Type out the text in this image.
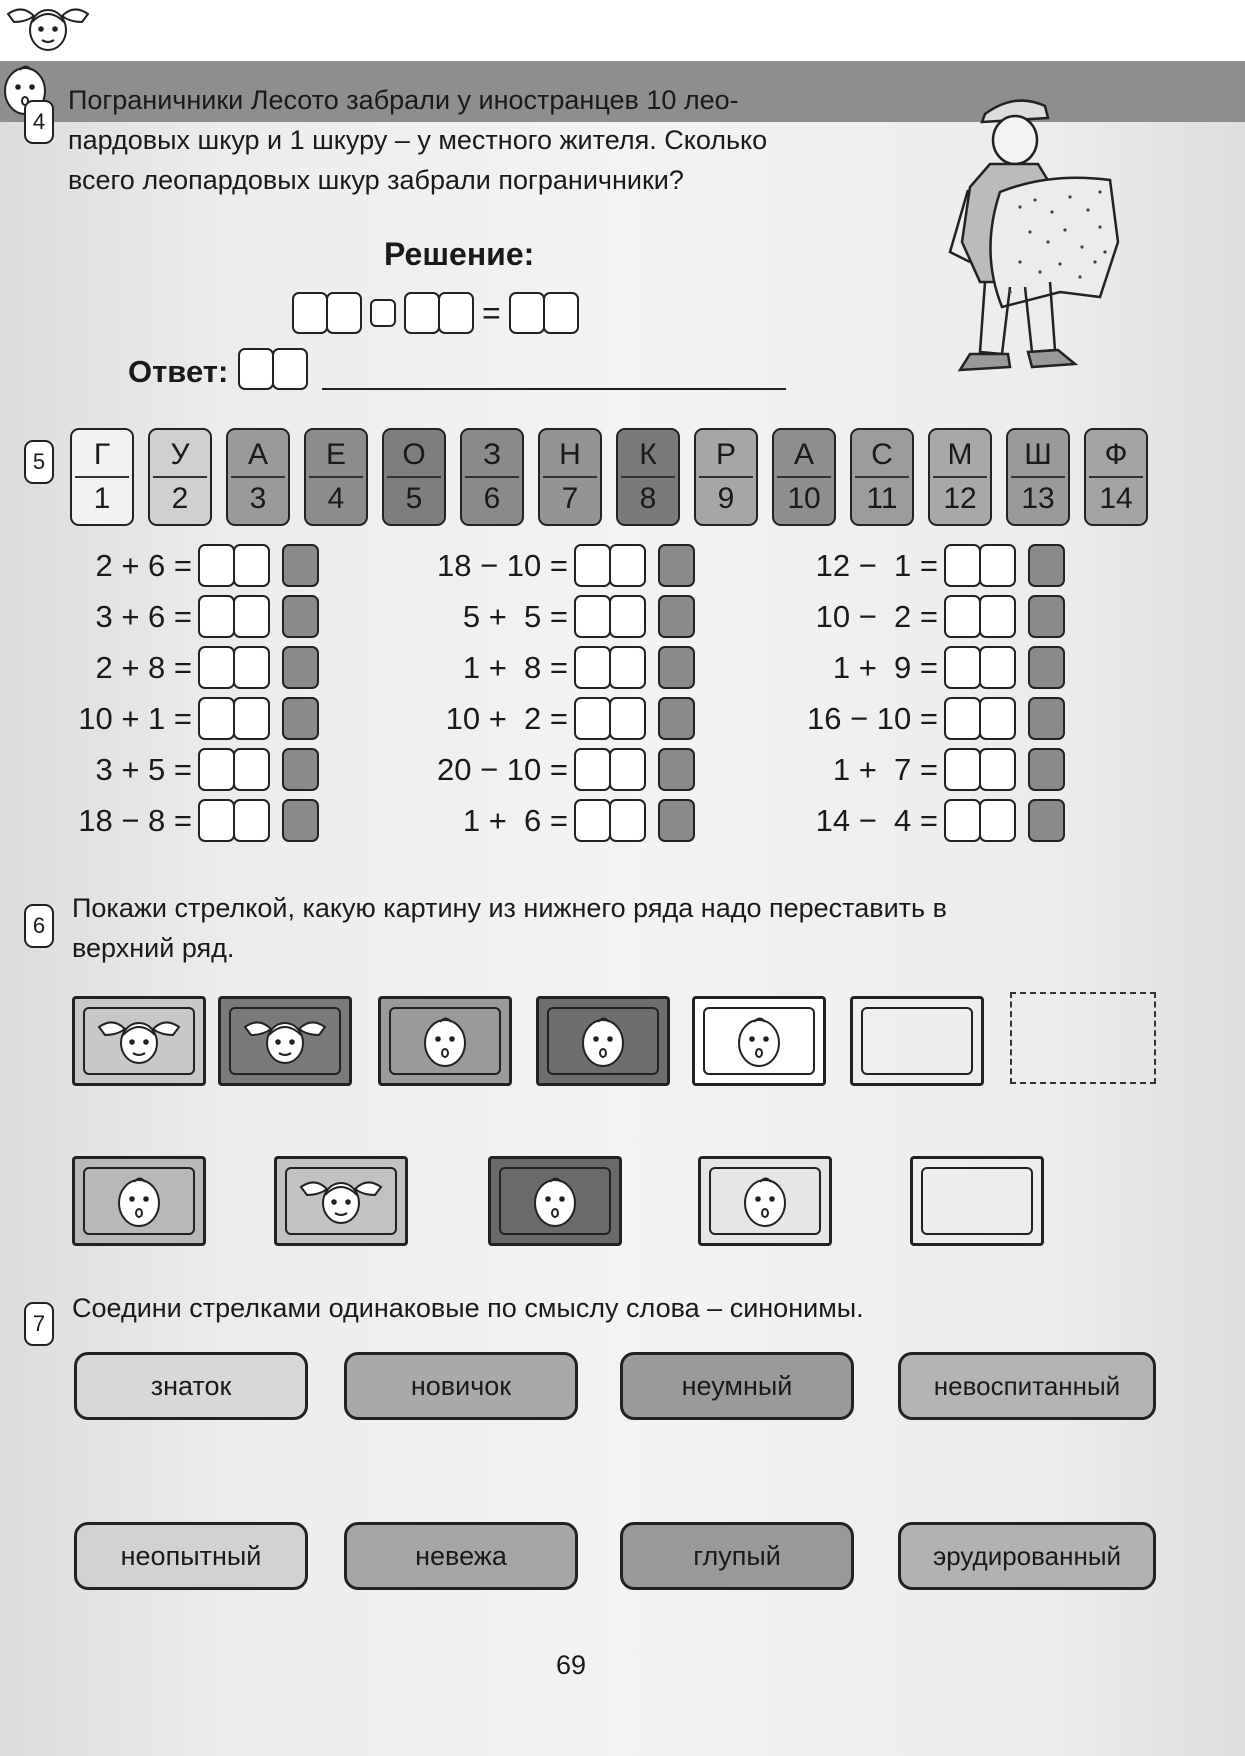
4
Пограничники Лесото забрали у иностранцев 10 лео-
пардовых шкур и 1 шкуру – у местного жителя. Сколько
всего леопардовых шкур забрали пограничники?
Решение:
=
Ответ:
5 Г
1
У
2
А
3
Е
4
О
5
З
6
Н
7
К
8
Р
9
А
10
С
11
М
12
Ш
13
Ф
14
2 + 6 =
3 + 6 =
2 + 8 =
10 + 1 =
3 + 5 =
18 − 8 =
18 − 10 =
5 +  5 =
1 +  8 =
10 +  2 =
20 − 10 =
1 +  6 =
12 −  1 =
10 −  2 =
1 +  9 =
16 − 10 =
1 +  7 =
14 −  4 =
6
Покажи стрелкой, какую картину из нижнего ряда надо переставить в
верхний ряд.
7
Соедини стрелками одинаковые по смыслу слова – синонимы.
знаток	новичок	неумный	невоспитанный
неопытный	невежа	глупый	эрудированный
69
